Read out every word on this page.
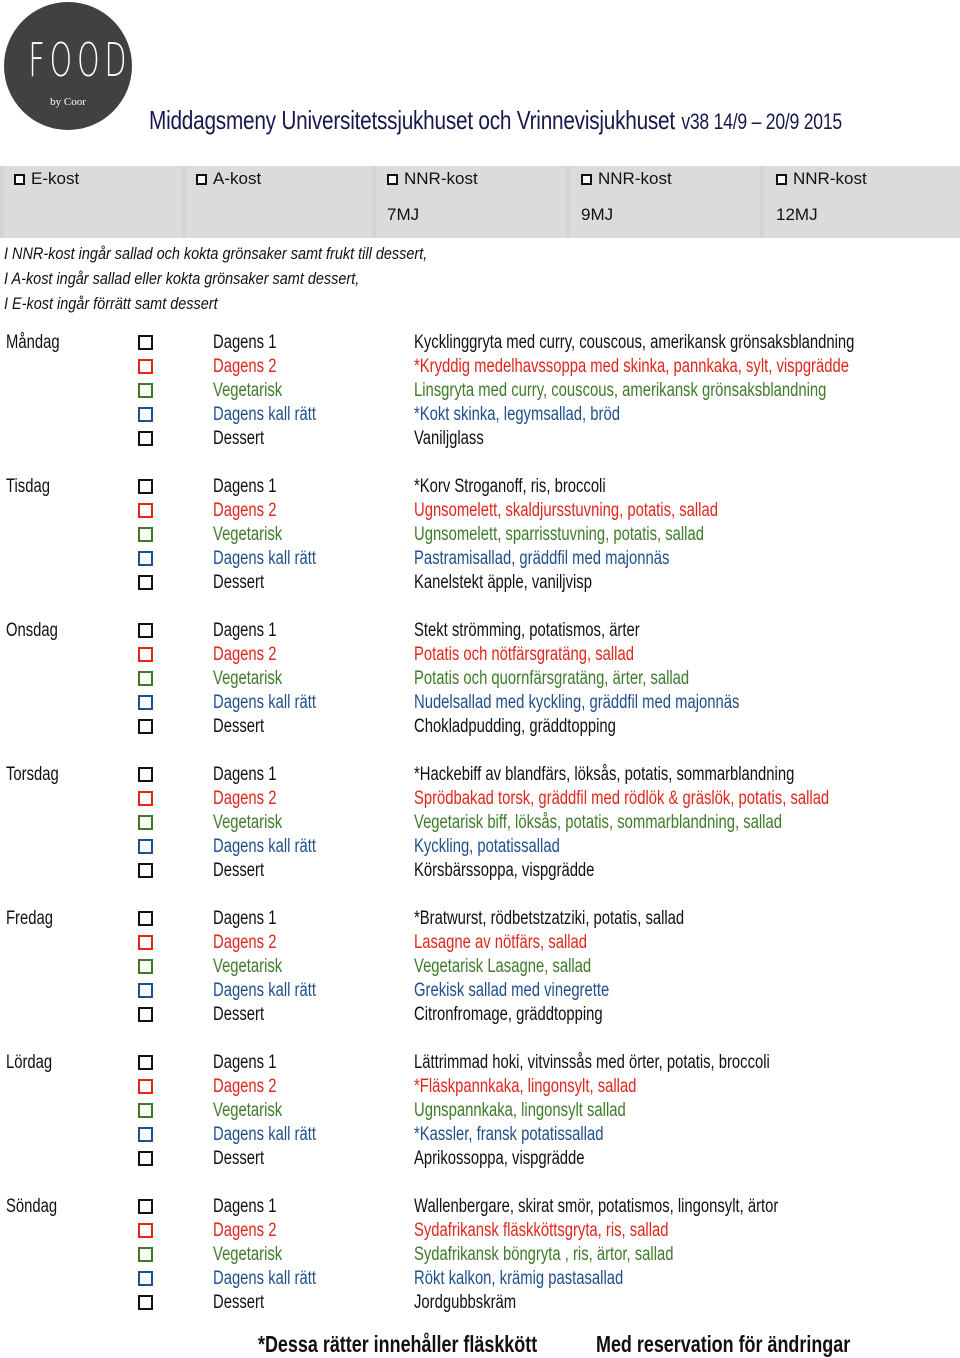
FOOD
by Coor
Middagsmeny Universitetssjukhuset och Vrinnevisjukhuset v38 14/9 – 20/9 2015
E-kost	A-kost	NNR-kost	NNR-kost	NNR-kost
7MJ	9MJ	12MJ
I NNR-kost ingår sallad och kokta grönsaker samt frukt till dessert,
I A-kost ingår sallad eller kokta grönsaker samt dessert,
I E-kost ingår förrätt samt dessert
Måndag	Dagens 1	Kycklinggryta med curry, couscous, amerikansk grönsaksblandning
Dagens 2	*Kryddig medelhavssoppa med skinka, pannkaka, sylt, vispgrädde
Vegetarisk	Linsgryta med curry, couscous, amerikansk grönsaksblandning
Dagens kall rätt	*Kokt skinka, legymsallad, bröd
Dessert	Vaniljglass
Tisdag	Dagens 1	*Korv Stroganoff, ris, broccoli
Dagens 2	Ugnsomelett, skaldjursstuvning, potatis, sallad
Vegetarisk	Ugnsomelett, sparrisstuvning, potatis, sallad
Dagens kall rätt	Pastramisallad, gräddfil med majonnäs
Dessert	Kanelstekt äpple, vaniljvisp
Onsdag	Dagens 1	Stekt strömming, potatismos, ärter
Dagens 2	Potatis och nötfärsgratäng, sallad
Vegetarisk	Potatis och quornfärsgratäng, ärter, sallad
Dagens kall rätt	Nudelsallad med kyckling, gräddfil med majonnäs
Dessert	Chokladpudding, gräddtopping
Torsdag	Dagens 1	*Hackebiff av blandfärs, löksås, potatis, sommarblandning
Dagens 2	Sprödbakad torsk, gräddfil med rödlök & gräslök, potatis, sallad
Vegetarisk	Vegetarisk biff, löksås, potatis, sommarblandning, sallad
Dagens kall rätt	Kyckling, potatissallad
Dessert	Körsbärssoppa, vispgrädde
Fredag	Dagens 1	*Bratwurst, rödbetstzatziki, potatis, sallad
Dagens 2	Lasagne av nötfärs, sallad
Vegetarisk	Vegetarisk Lasagne, sallad
Dagens kall rätt	Grekisk sallad med vinegrette
Dessert	Citronfromage, gräddtopping
Lördag	Dagens 1	Lättrimmad hoki, vitvinssås med örter, potatis, broccoli
Dagens 2	*Fläskpannkaka, lingonsylt, sallad
Vegetarisk	Ugnspannkaka, lingonsylt sallad
Dagens kall rätt	*Kassler, fransk potatissallad
Dessert	Aprikossoppa, vispgrädde
Söndag	Dagens 1	Wallenbergare, skirat smör, potatismos, lingonsylt, ärtor
Dagens 2	Sydafrikansk fläskköttsgryta, ris, sallad
Vegetarisk	Sydafrikansk böngryta , ris, ärtor, sallad
Dagens kall rätt	Rökt kalkon, krämig pastasallad
Dessert	Jordgubbskräm
*Dessa rätter innehåller fläskkött	Med reservation för ändringar
